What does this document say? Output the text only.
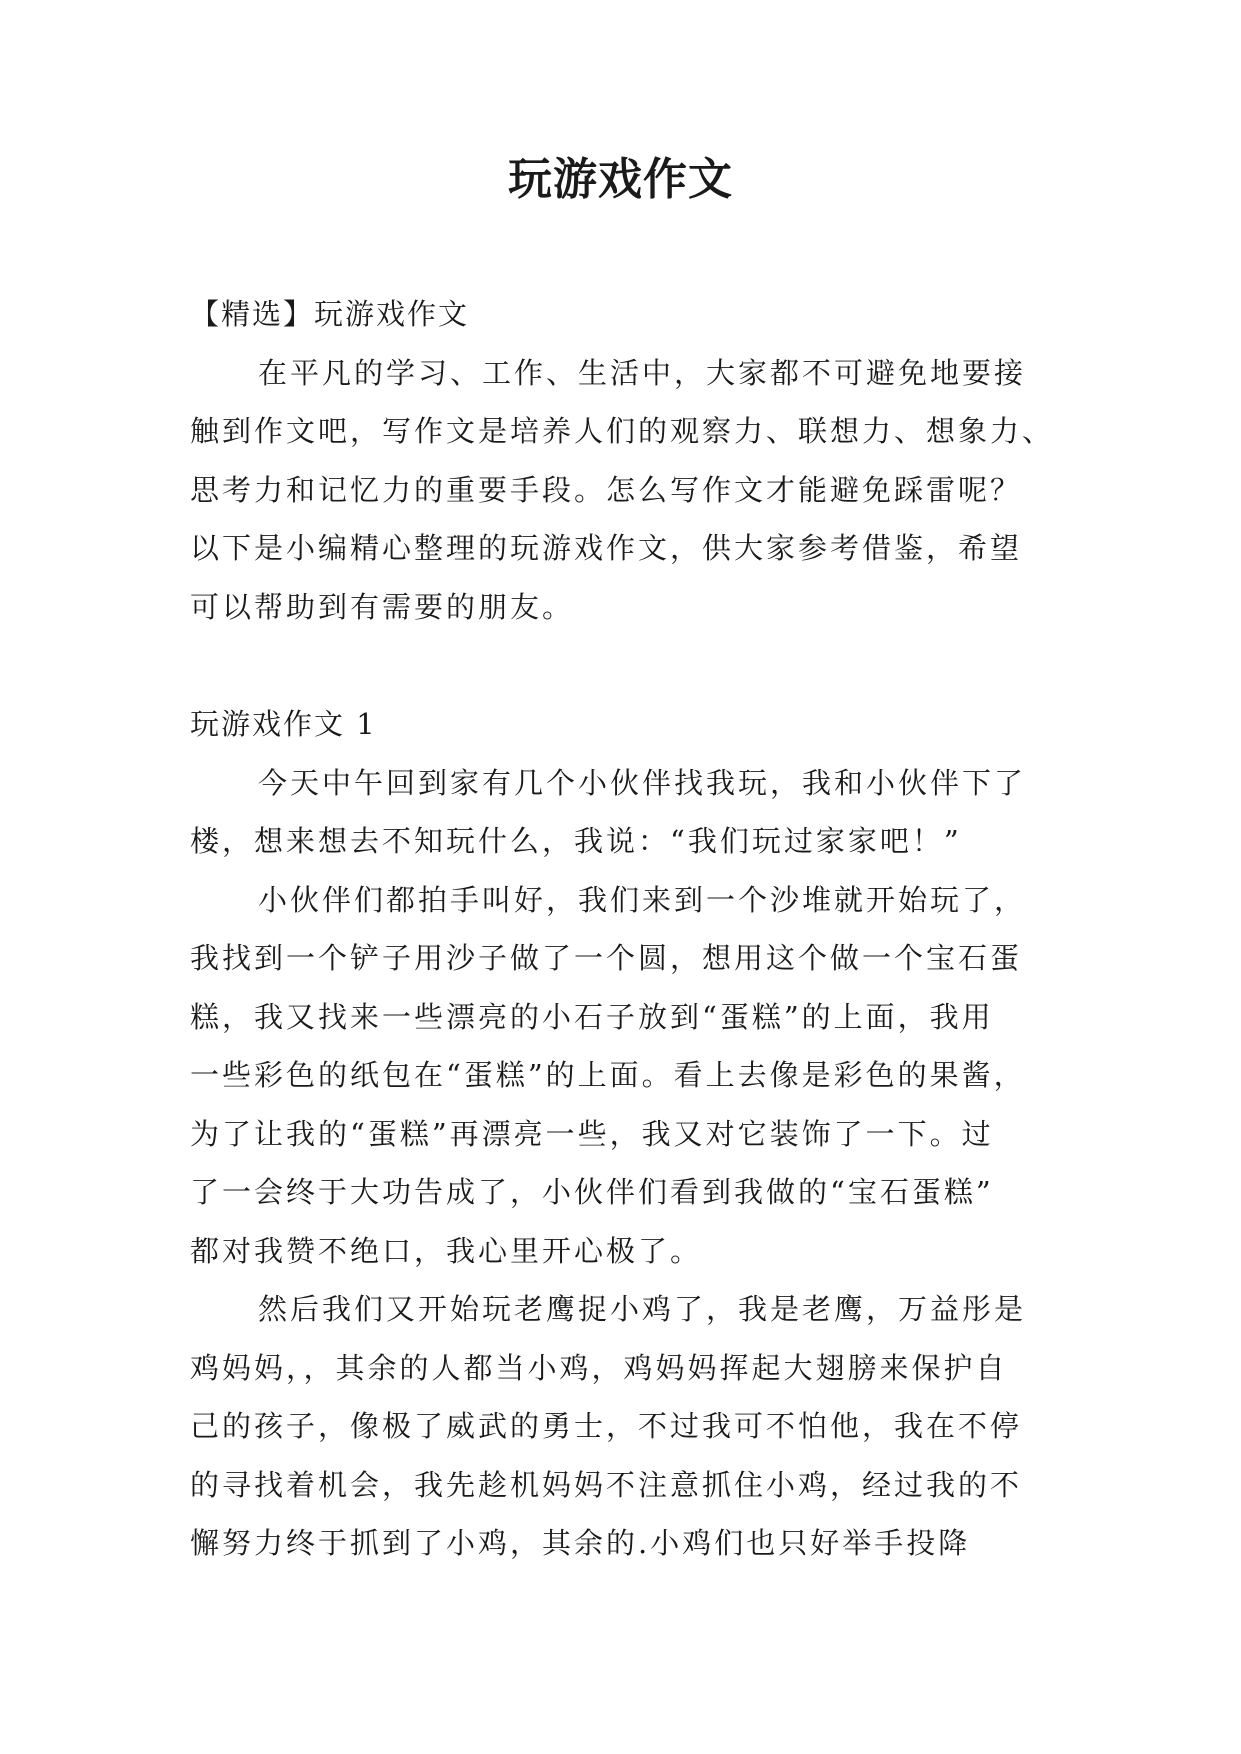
玩游戏作文
【精选】玩游戏作文
在平凡的学习、工作、生活中，大家都不可避免地要接
触到作文吧，写作文是培养人们的观察力、联想力、想象力、
思考力和记忆力的重要手段。怎么写作文才能避免踩雷呢？
以下是小编精心整理的玩游戏作文，供大家参考借鉴，希望
可以帮助到有需要的朋友。
玩游戏作文 1
今天中午回到家有几个小伙伴找我玩，我和小伙伴下了
楼，想来想去不知玩什么，我说：“我们玩过家家吧！”
小伙伴们都拍手叫好，我们来到一个沙堆就开始玩了，
我找到一个铲子用沙子做了一个圆，想用这个做一个宝石蛋
糕，我又找来一些漂亮的小石子放到“蛋糕”的上面，我用
一些彩色的纸包在“蛋糕”的上面。看上去像是彩色的果酱，
为了让我的“蛋糕”再漂亮一些，我又对它装饰了一下。过
了一会终于大功告成了，小伙伴们看到我做的“宝石蛋糕”
都对我赞不绝口，我心里开心极了。
然后我们又开始玩老鹰捉小鸡了，我是老鹰，万益彤是
鸡妈妈，，其余的人都当小鸡，鸡妈妈挥起大翅膀来保护自
己的孩子，像极了威武的勇士，不过我可不怕他，我在不停
的寻找着机会，我先趁机妈妈不注意抓住小鸡，经过我的不
懈努力终于抓到了小鸡，其余的.小鸡们也只好举手投降
